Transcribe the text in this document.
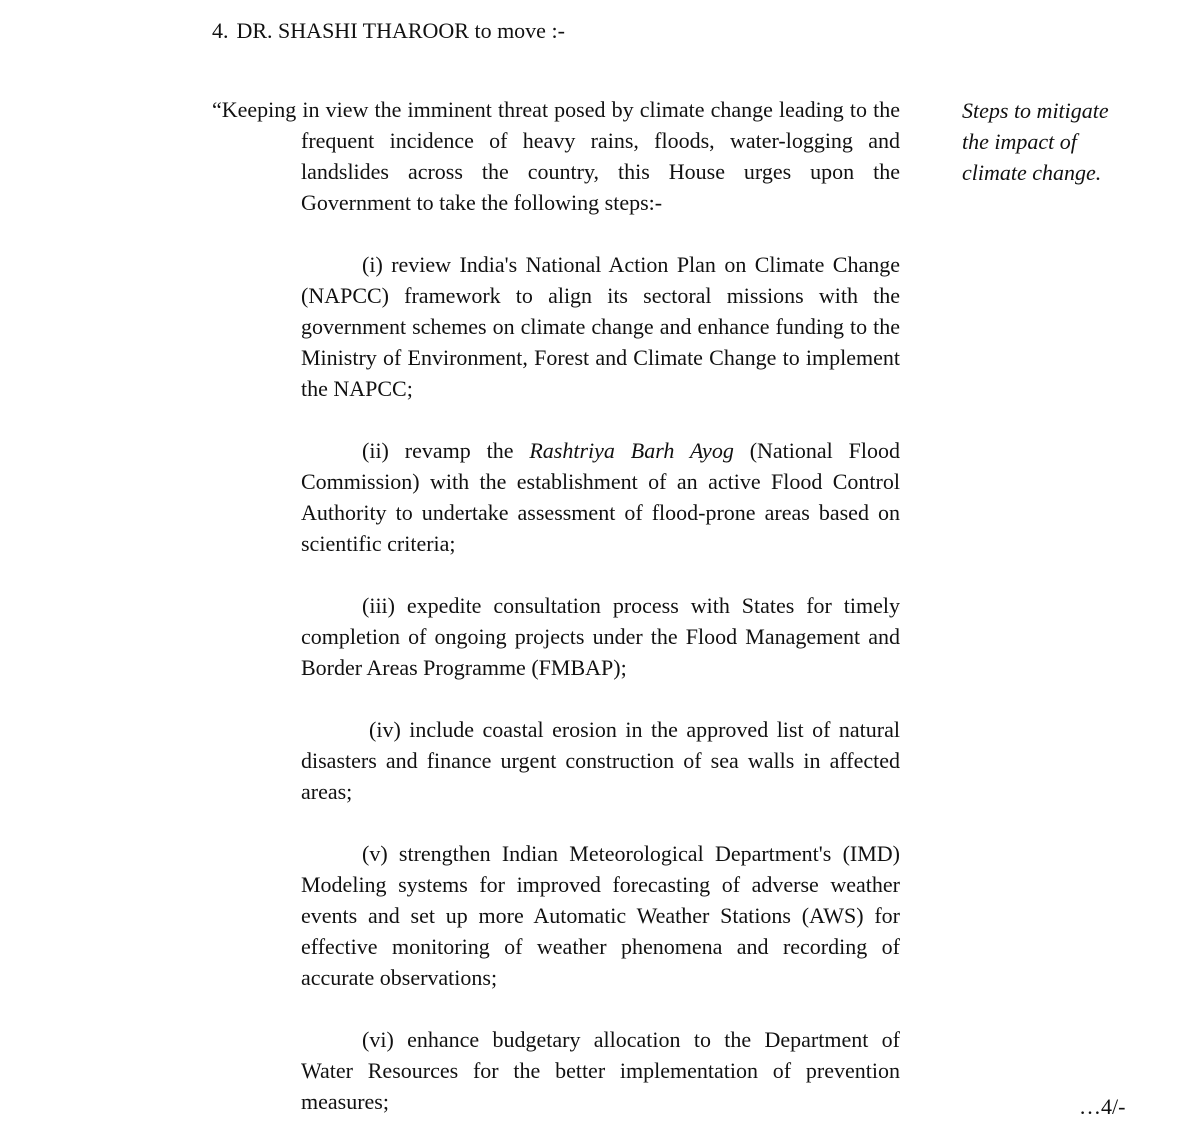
4. DR. SHASHI THAROOR to move :-

“Keeping in view the imminent threat posed by climate change leading to the frequent incidence of heavy rains, floods, water-logging and landslides across the country, this House urges upon the Government to take the following steps:-

(i) review India's National Action Plan on Climate Change (NAPCC) framework to align its sectoral missions with the government schemes on climate change and enhance funding to the Ministry of Environment, Forest and Climate Change to implement the NAPCC;

(ii) revamp the Rashtriya Barh Ayog (National Flood Commission) with the establishment of an active Flood Control Authority to undertake assessment of flood-prone areas based on scientific criteria;

(iii) expedite consultation process with States for timely completion of ongoing projects under the Flood Management and Border Areas Programme (FMBAP);

(iv) include coastal erosion in the approved list of natural disasters and finance urgent construction of sea walls in affected areas;

(v) strengthen Indian Meteorological Department's (IMD) Modeling systems for improved forecasting of adverse weather events and set up more Automatic Weather Stations (AWS) for effective monitoring of weather phenomena and recording of accurate observations;

(vi) enhance budgetary allocation to the Department of Water Resources for the better implementation of prevention measures;

Steps to mitigate
the impact of
climate change.
…4/-
